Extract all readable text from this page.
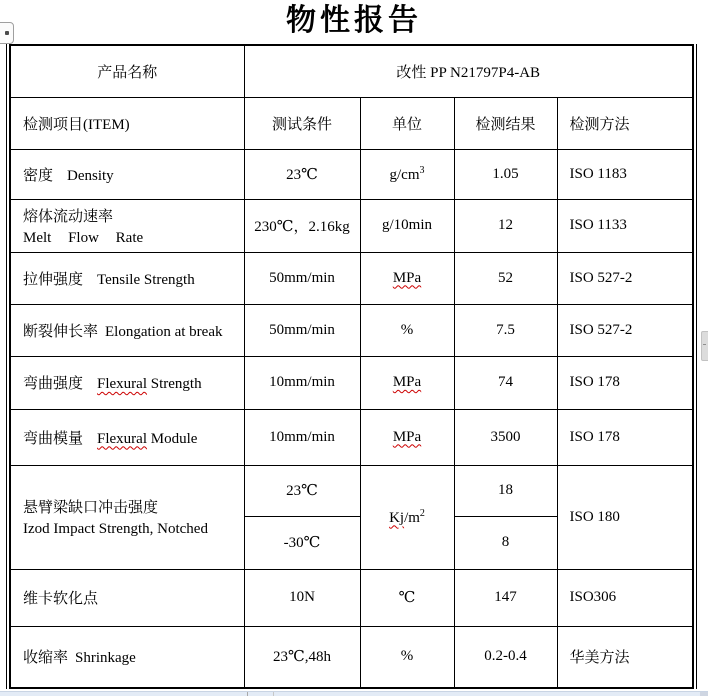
物性报告
产品名称	改性 PP N21797P4-AB			
检测项目(ITEM)	测试条件	单位	检测结果	检测方法
密度 Density	23℃	$g/cm^3$	1.05	ISO 1183

熔体流动速率
Melt Flow Rate	230℃，2.16kg	g/10min	12	ISO 1133
拉伸强度 Tensile Strength	50mm/min	MPa	52	ISO 527-2
断裂伸长率 Elongation at break	50mm/min	%	7.5	ISO 527-2
弯曲强度 Flexural Strength	10mm/min	MPa	74	ISO 178
弯曲模量 Flexural Module	10mm/min	MPa	3500	ISO 178

悬臂梁缺口冲击强度
Izod Impact Strength, Notched	23℃	$Kj/m^2$	18	ISO 180
	-30℃		8	
维卡软化点	10N	℃	147	ISO306
收缩率 Shrinkage	23℃,48h	%	0.2-0.4	华美方法
